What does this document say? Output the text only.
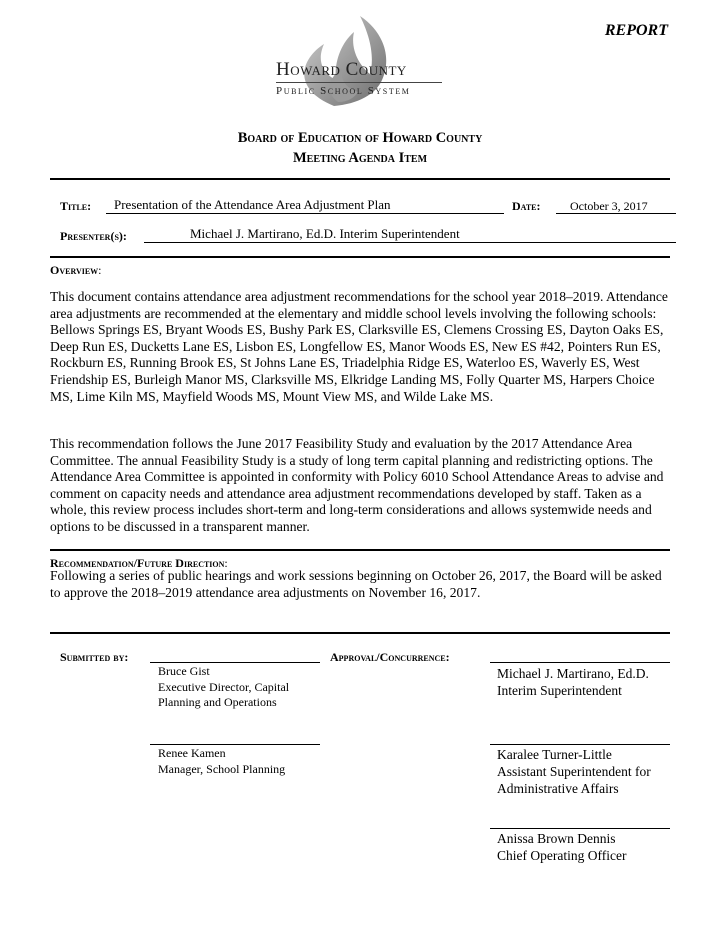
REPORT
Howard County
Public School System
Board of Education of Howard County
Meeting Agenda Item
Title: Presentation of the Attendance Area Adjustment Plan	Date: October 3, 2017
Presenter(s):	Michael J. Martirano, Ed.D. Interim Superintendent
Overview:
This document contains attendance area adjustment recommendations for the school year 2018–2019. Attendance area adjustments are recommended at the elementary and middle school levels involving the following schools: Bellows Springs ES, Bryant Woods ES, Bushy Park ES, Clarksville ES, Clemens Crossing ES, Dayton Oaks ES, Deep Run ES, Ducketts Lane ES, Lisbon ES, Longfellow ES, Manor Woods ES, New ES #42, Pointers Run ES, Rockburn ES, Running Brook ES, St Johns Lane ES, Triadelphia Ridge ES, Waterloo ES, Waverly ES, West Friendship ES, Burleigh Manor MS, Clarksville MS, Elkridge Landing MS, Folly Quarter MS, Harpers Choice MS, Lime Kiln MS, Mayfield Woods MS, Mount View MS, and Wilde Lake MS.
This recommendation follows the June 2017 Feasibility Study and evaluation by the 2017 Attendance Area Committee. The annual Feasibility Study is a study of long term capital planning and redistricting options. The Attendance Area Committee is appointed in conformity with Policy 6010 School Attendance Areas to advise and comment on capacity needs and attendance area adjustment recommendations developed by staff. Taken as a whole, this review process includes short-term and long-term considerations and allows systemwide needs and options to be discussed in a transparent manner.
Recommendation/Future Direction:
Following a series of public hearings and work sessions beginning on October 26, 2017, the Board will be asked to approve the 2018–2019 attendance area adjustments on November 16, 2017.
Submitted by:
Bruce Gist
Executive Director, Capital Planning and Operations
Renee Kamen
Manager, School Planning
Approval/Concurrence:
Michael J. Martirano, Ed.D.
Interim Superintendent
Karalee Turner-Little
Assistant Superintendent for Administrative Affairs
Anissa Brown Dennis
Chief Operating Officer
